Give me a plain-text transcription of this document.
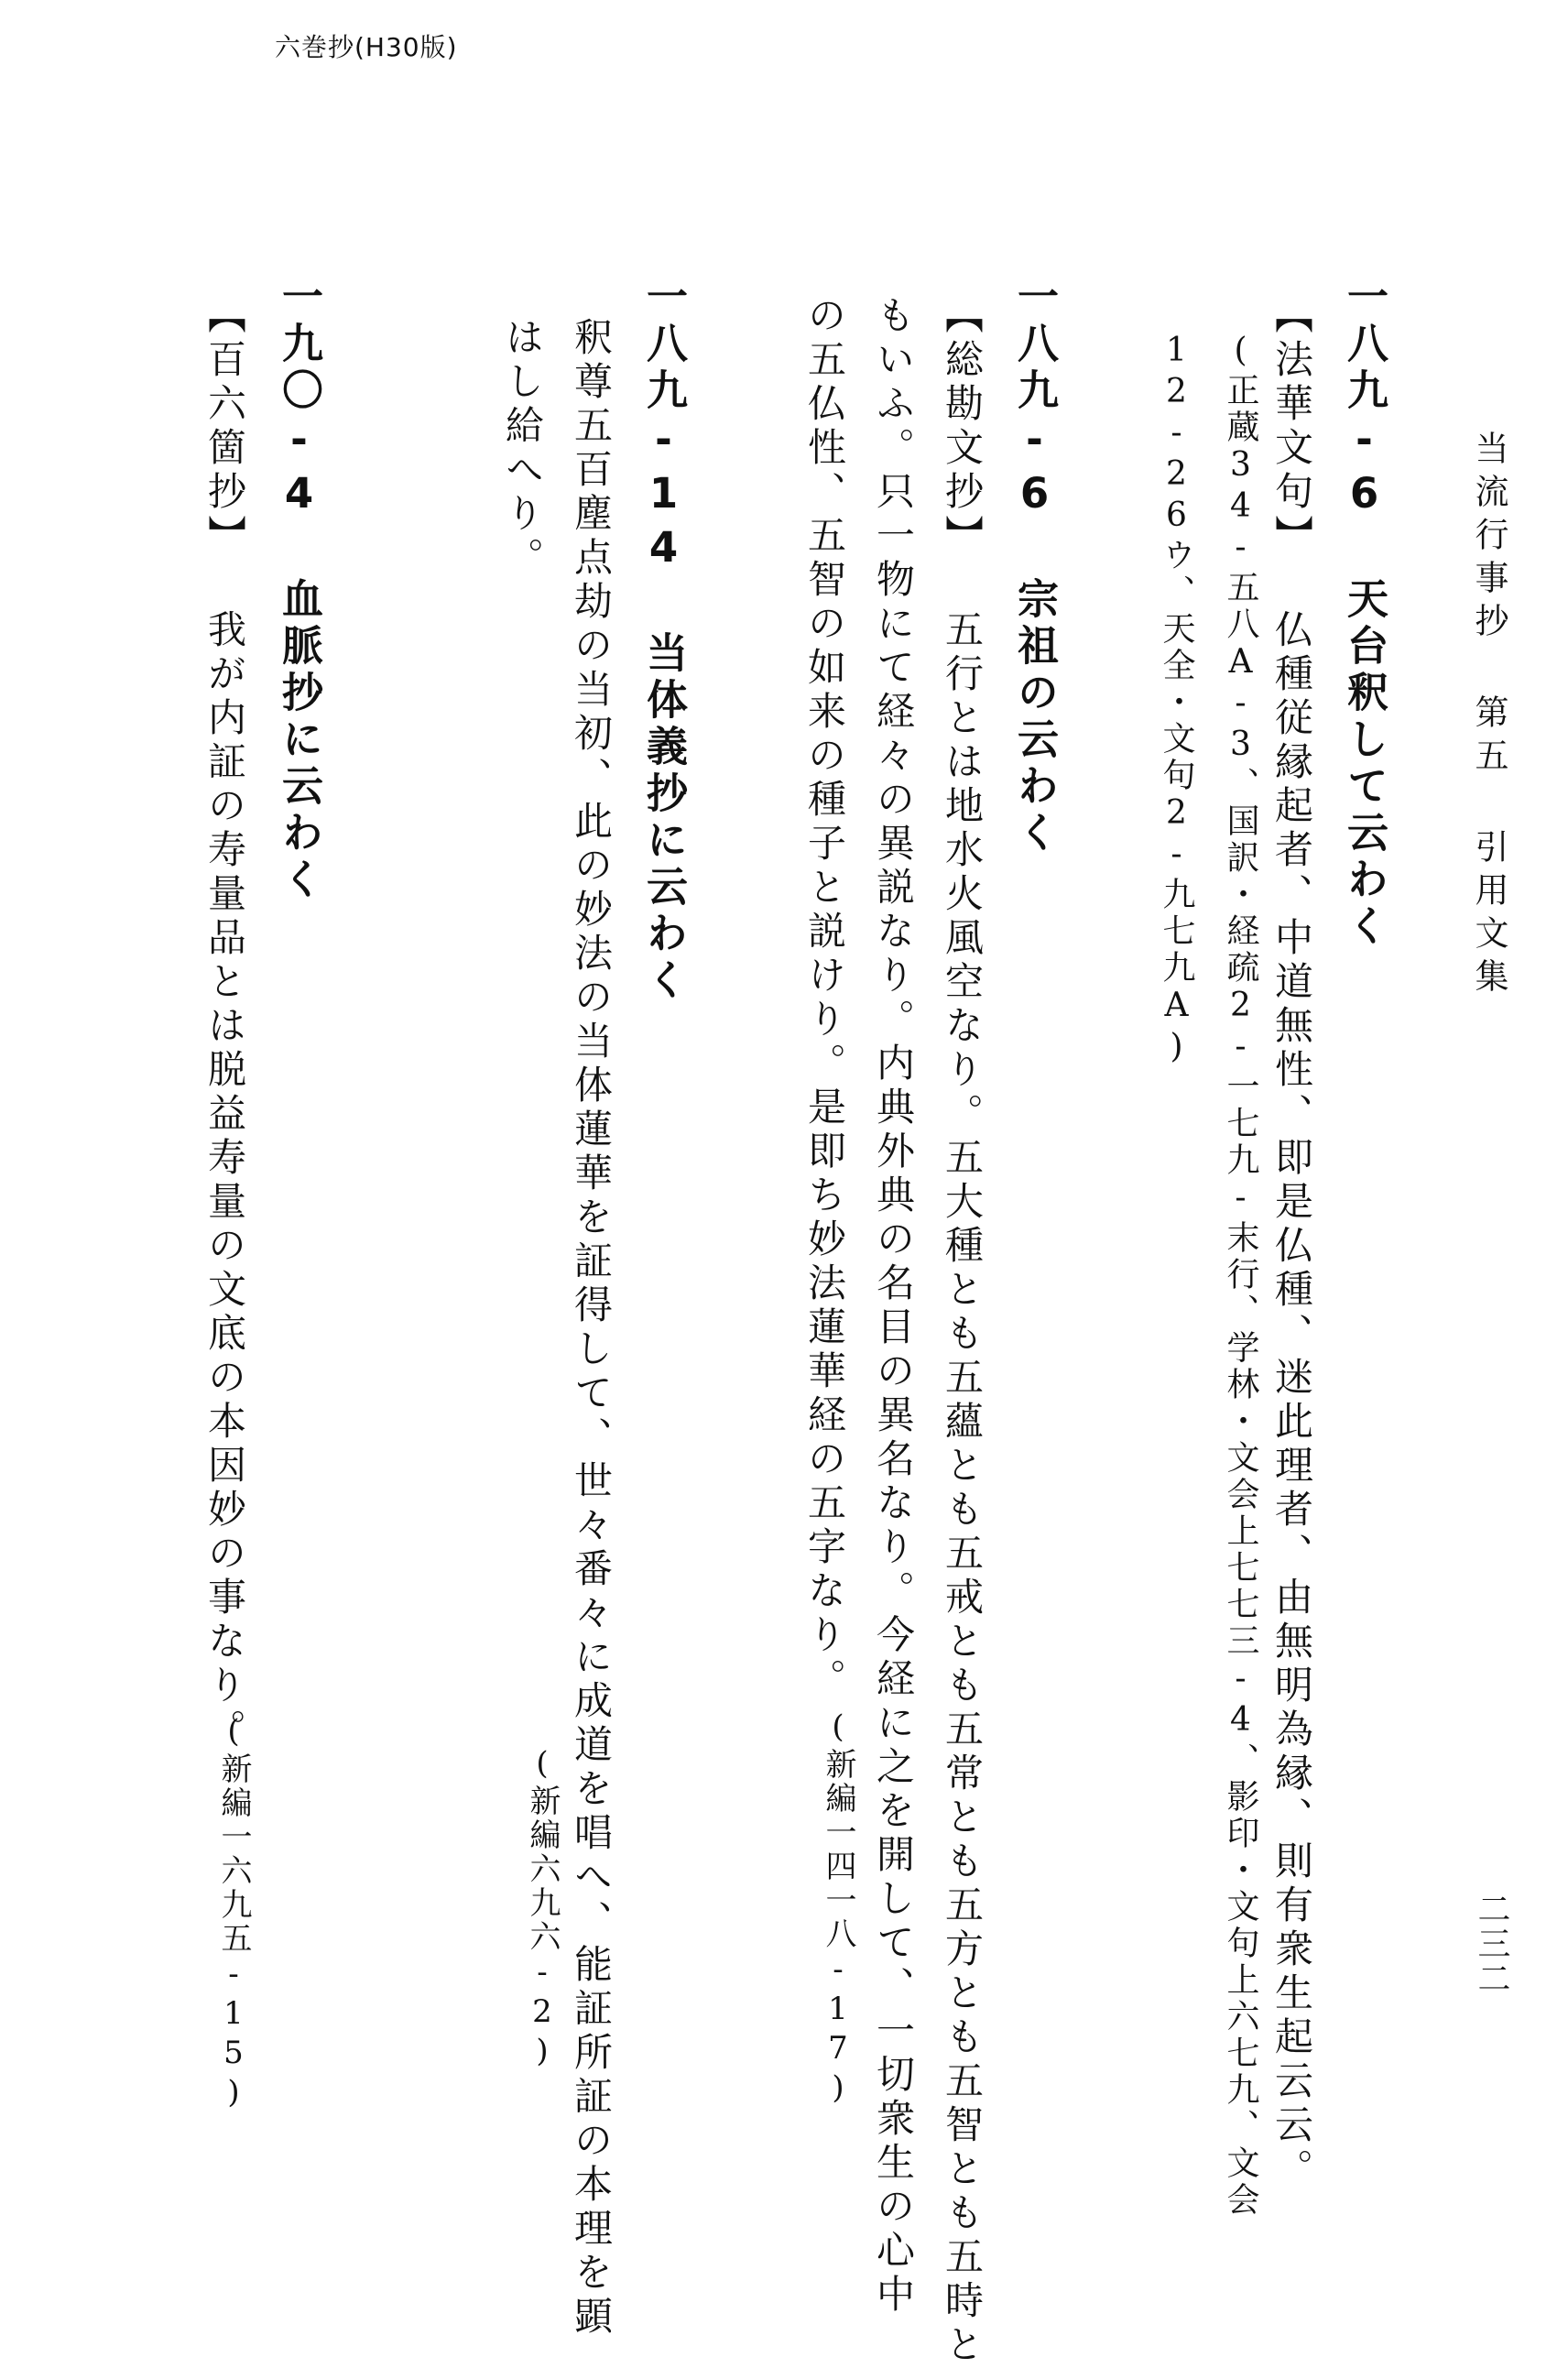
六巻抄(H30版)
当流行事抄 第五 引用文集
二三二
一八九-6 天台釈して云わく
【法華文句】 仏種従縁起者、中道無性、即是仏種、迷此理者、由無明為縁、則有衆生起云云。
(正蔵34-五八A-3、国訳・経疏2-一七九-末行、学林・文会上七七三-4、影印・文句上六七九、文会
12-26ウ、天全・文句2-九七九A)
一八九-6 宗祖の云わく
【総勘文抄】 五行とは地水火風空なり。五大種とも五蘊とも五戒とも五常とも五方とも五智とも五時と
もいふ。只一物にて経々の異説なり。内典外典の名目の異名なり。今経に之を開して、一切衆生の心中
の五仏性、五智の如来の種子と説けり。是即ち妙法蓮華経の五字なり。
(新編一四一八-17)
一八九-14 当体義抄に云わく
釈尊五百塵点劫の当初、此の妙法の当体蓮華を証得して、世々番々に成道を唱へ、能証所証の本理を顕
はし給へり。
(新編六九六-2)
一九〇-4 血脈抄に云わく
【百六箇抄】 我が内証の寿量品とは脱益寿量の文底の本因妙の事なり。
(新編一六九五-15)
